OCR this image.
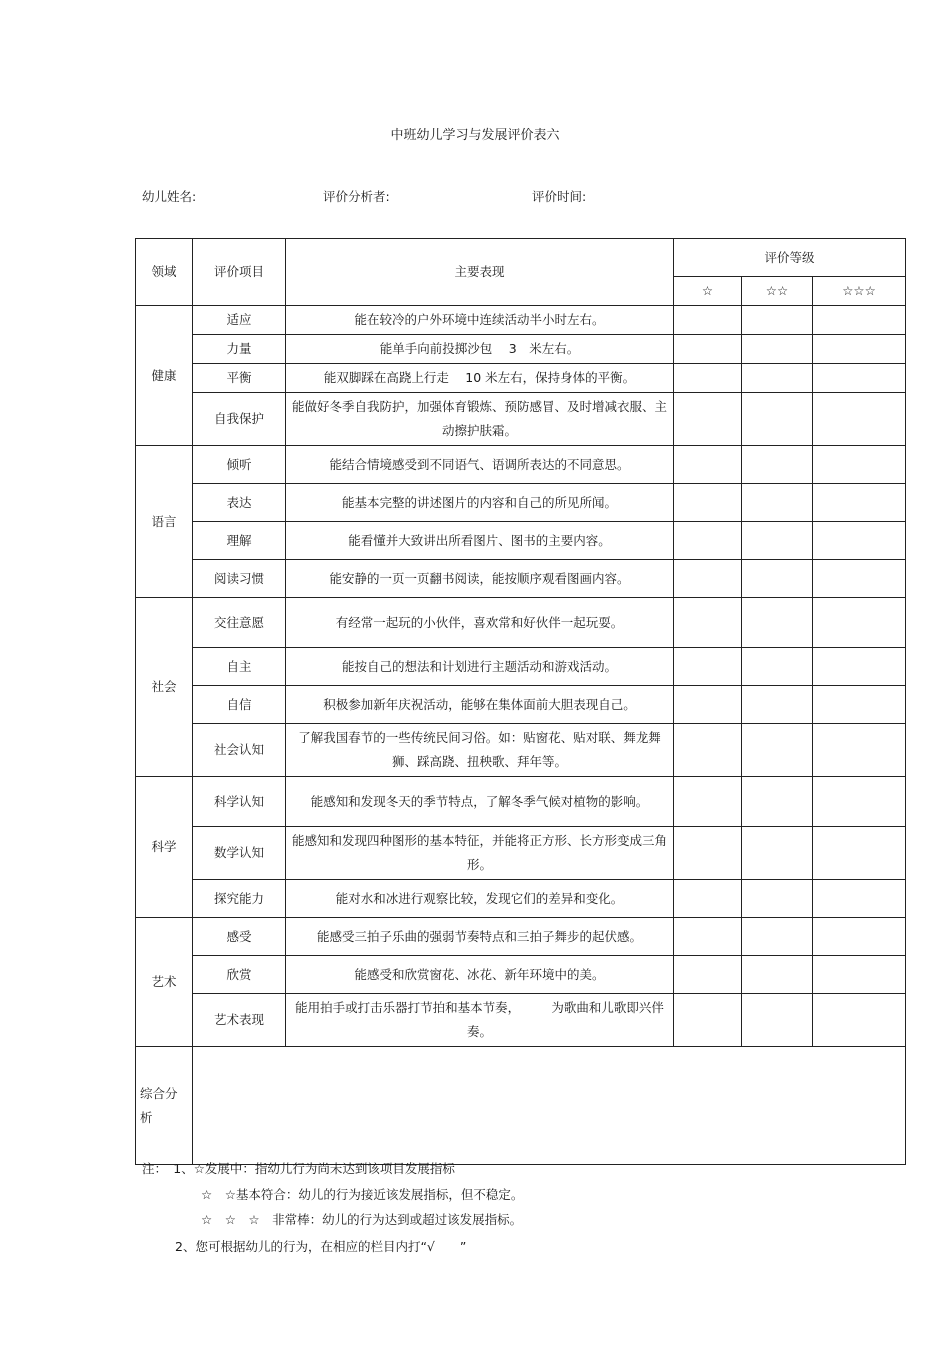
中班幼儿学习与发展评价表六
幼儿姓名:	评价分析者:	评价时间:
领域	评价项目	主要表现	评价等级		
			☆	☆☆	☆☆☆
健康	适应	能在较冷的户外环境中连续活动半小时左右。			
	力量	能单手向前投掷沙包　 3　米左右。			
	平衡	能双脚踩在高跷上行走　 10 米左右，保持身体的平衡。			
	自我保护	能做好冬季自我防护，加强体育锻炼、预防感冒、及时增减衣服、主动擦护肤霜。			
语言	倾听	能结合情境感受到不同语气、语调所表达的不同意思。			
	表达	能基本完整的讲述图片的内容和自己的所见所闻。			
	理解	能看懂并大致讲出所看图片、图书的主要内容。			
	阅读习惯	能安静的一页一页翻书阅读，能按顺序观看图画内容。			
社会	交往意愿	有经常一起玩的小伙伴，喜欢常和好伙伴一起玩耍。			
	自主	能按自己的想法和计划进行主题活动和游戏活动。			
	自信	积极参加新年庆祝活动，能够在集体面前大胆表现自己。			
	社会认知	了解我国春节的一些传统民间习俗。如：贴窗花、贴对联、舞龙舞狮、踩高跷、扭秧歌、拜年等。			
科学	科学认知	能感知和发现冬天的季节特点，了解冬季气候对植物的影响。			
	数学认知	能感知和发现四种图形的基本特征，并能将正方形、长方形变成三角形。			
	探究能力	能对水和冰进行观察比较，发现它们的差异和变化。			
艺术	感受	能感受三拍子乐曲的强弱节奏特点和三拍子舞步的起伏感。			
	欣赏	能感受和欣赏窗花、冰花、新年环境中的美。			
	艺术表现	能用拍手或打击乐器打节拍和基本节奏，　　　为歌曲和儿歌即兴伴奏。			
综合分析					
注：　1、☆发展中：指幼儿行为尚未达到该项目发展指标
☆　☆基本符合：幼儿的行为接近该发展指标，但不稳定。
☆　☆　☆　非常棒：幼儿的行为达到或超过该发展指标。
2、您可根据幼儿的行为，在相应的栏目内打“√　　”
